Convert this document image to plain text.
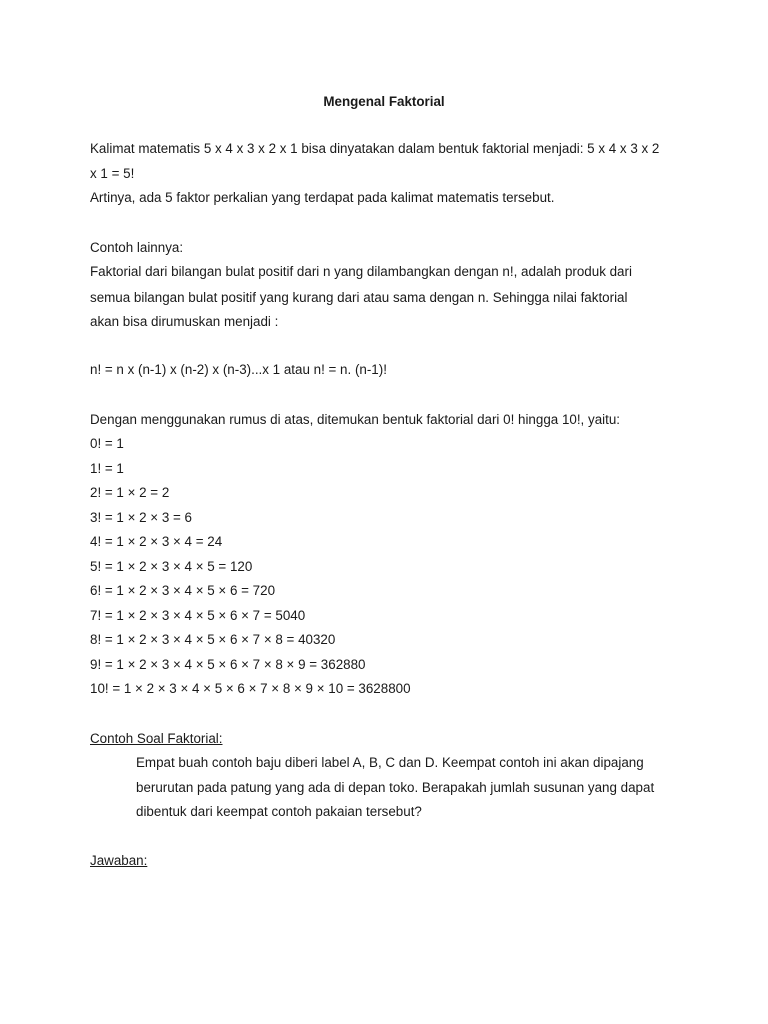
Mengenal Faktorial
Kalimat matematis 5 x 4 x 3 x 2 x 1 bisa dinyatakan dalam bentuk faktorial menjadi: 5 x 4 x 3 x 2
x 1 = 5!
Artinya, ada 5 faktor perkalian yang terdapat pada kalimat matematis tersebut.
Contoh lainnya:
Faktorial dari bilangan bulat positif dari n yang dilambangkan dengan n!, adalah produk dari
semua bilangan bulat positif yang kurang dari atau sama dengan n. Sehingga nilai faktorial
akan bisa dirumuskan menjadi :
n! = n x (n-1) x (n-2) x (n-3)...x 1 atau n! = n. (n-1)!
Dengan menggunakan rumus di atas, ditemukan bentuk faktorial dari 0! hingga 10!, yaitu:
0! = 1
1! = 1
2! = 1 × 2 = 2
3! = 1 × 2 × 3 = 6
4! = 1 × 2 × 3 × 4 = 24
5! = 1 × 2 × 3 × 4 × 5 = 120
6! = 1 × 2 × 3 × 4 × 5 × 6 = 720
7! = 1 × 2 × 3 × 4 × 5 × 6 × 7 = 5040
8! = 1 × 2 × 3 × 4 × 5 × 6 × 7 × 8 = 40320
9! = 1 × 2 × 3 × 4 × 5 × 6 × 7 × 8 × 9 = 362880
10! = 1 × 2 × 3 × 4 × 5 × 6 × 7 × 8 × 9 × 10 = 3628800
Contoh Soal Faktorial:
Empat buah contoh baju diberi label A, B, C dan D. Keempat contoh ini akan dipajang
berurutan pada patung yang ada di depan toko. Berapakah jumlah susunan yang dapat
dibentuk dari keempat contoh pakaian tersebut?
Jawaban:
